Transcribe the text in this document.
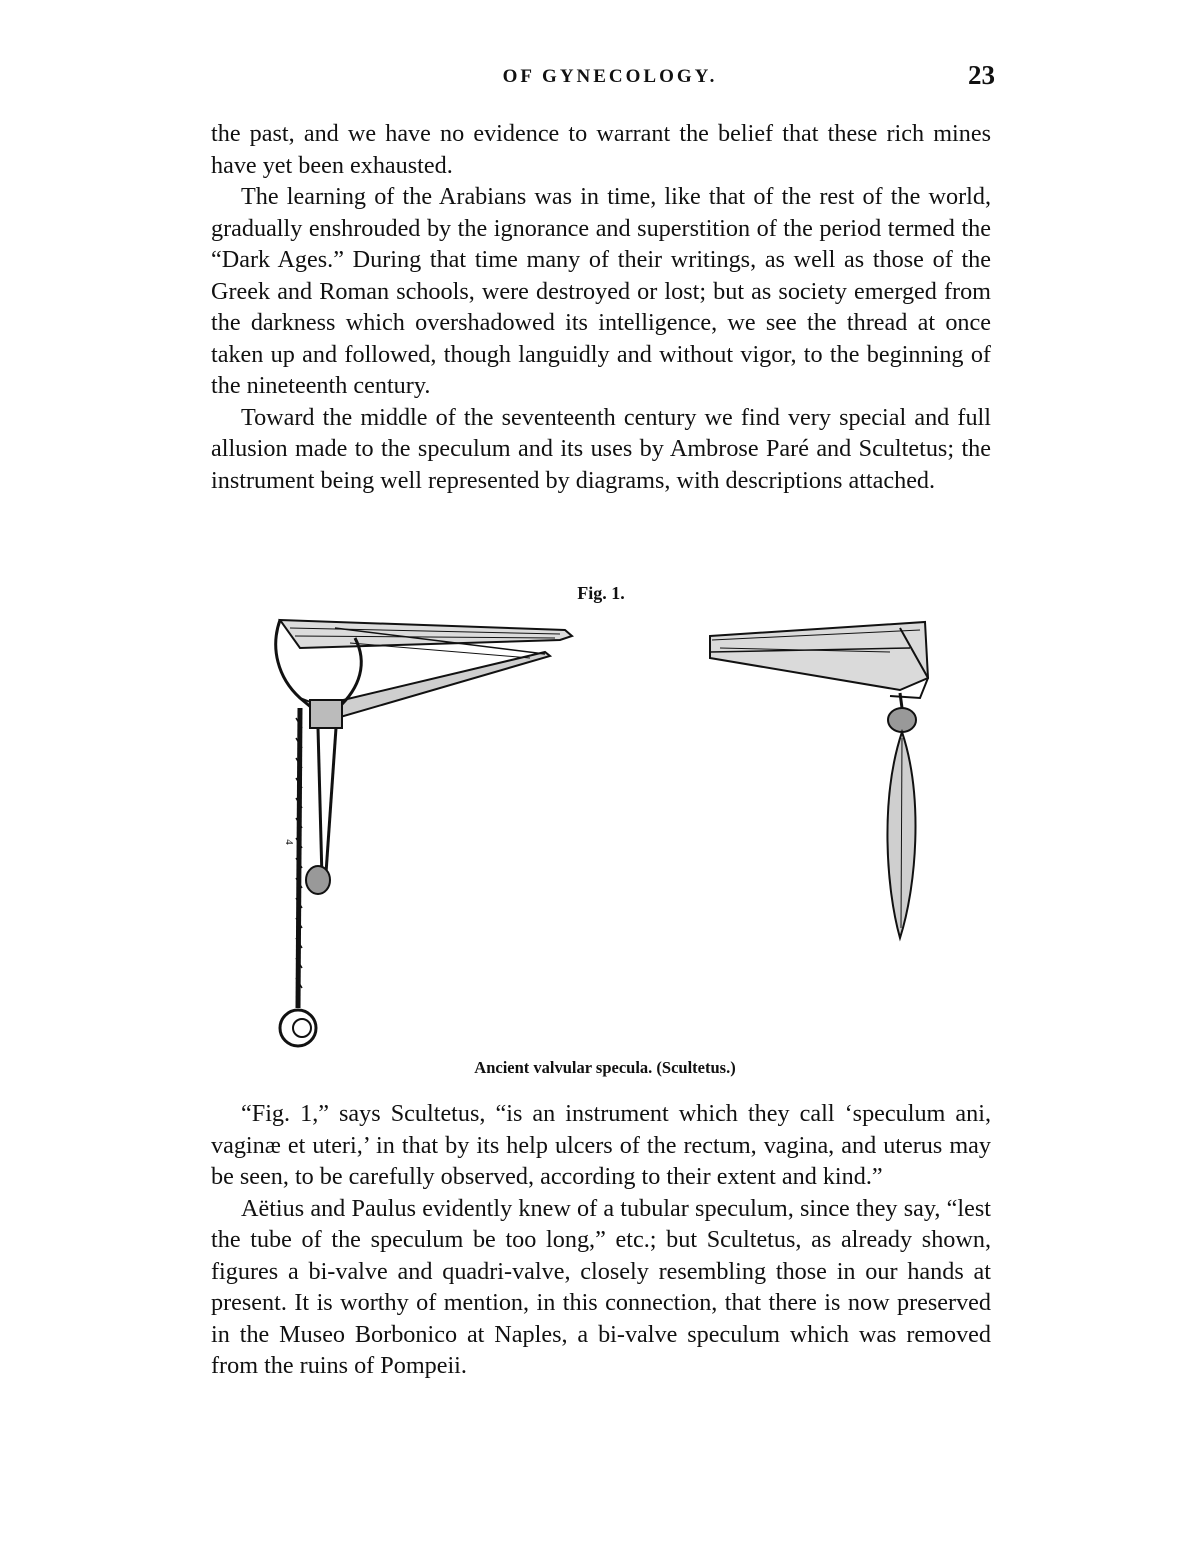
OF GYNECOLOGY.	23

the past, and we have no evidence to warrant the belief that these rich mines have yet been exhausted.

The learning of the Arabians was in time, like that of the rest of the world, gradually enshrouded by the ignorance and superstition of the period termed the “Dark Ages.” During that time many of their writings, as well as those of the Greek and Roman schools, were destroyed or lost; but as society emerged from the darkness which overshadowed its intelligence, we see the thread at once taken up and followed, though languidly and without vigor, to the beginning of the nineteenth century.

Toward the middle of the seventeenth century we find very special and full allusion made to the speculum and its uses by Ambrose Paré and Scultetus; the instrument being well represented by diagrams, with descriptions attached.

Fig. 1.
4
Ancient valvular specula. (Scultetus.)

“Fig. 1,” says Scultetus, “is an instrument which they call ‘speculum ani, vaginæ et uteri,’ in that by its help ulcers of the rectum, vagina, and uterus may be seen, to be carefully observed, according to their extent and kind.”

Aëtius and Paulus evidently knew of a tubular speculum, since they say, “lest the tube of the speculum be too long,” etc.; but Scultetus, as already shown, figures a bi-valve and quadri-valve, closely resembling those in our hands at present. It is worthy of mention, in this connection, that there is now preserved in the Museo Borbonico at Naples, a bi-valve speculum which was removed from the ruins of Pompeii.
